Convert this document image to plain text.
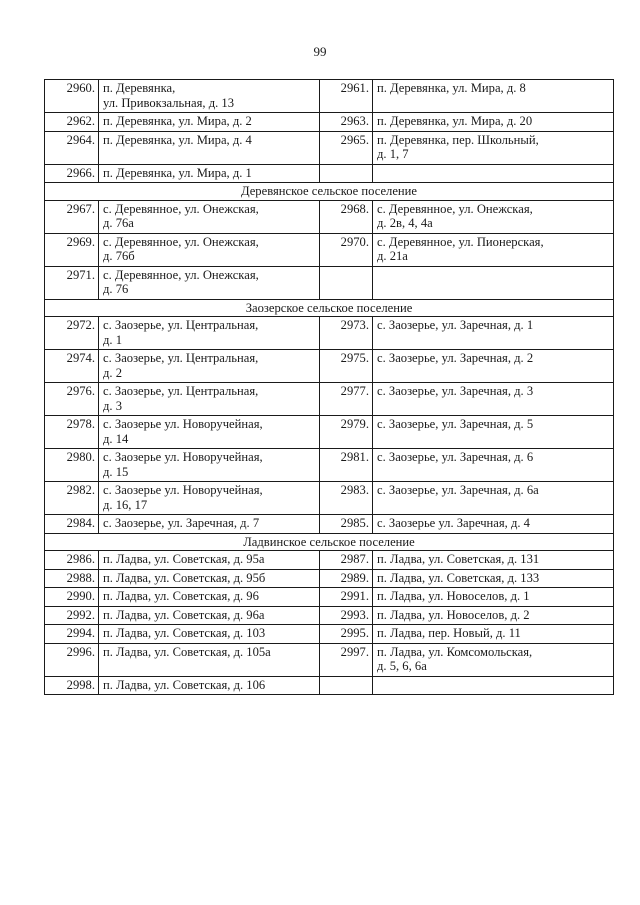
99
2960.	п. Деревянка,
ул. Привокзальная, д. 13	2961.	п. Деревянка, ул. Мира, д. 8
2962.	п. Деревянка, ул. Мира, д. 2	2963.	п. Деревянка, ул. Мира, д. 20
2964.	п. Деревянка, ул. Мира, д. 4	2965.	п. Деревянка, пер. Школьный,
д. 1, 7
2966.	п. Деревянка, ул. Мира, д. 1		
Деревянское сельское поселение			
2967.	с. Деревянное, ул. Онежская,
д. 76а	2968.	с. Деревянное, ул. Онежская,
д. 2в, 4, 4а
2969.	с. Деревянное, ул. Онежская,
д. 76б	2970.	с. Деревянное, ул. Пионерская,
д. 21а
2971.	с. Деревянное, ул. Онежская,
д. 76		
Заозерское сельское поселение			
2972.	с. Заозерье, ул. Центральная,
д. 1	2973.	с. Заозерье, ул. Заречная, д. 1
2974.	с. Заозерье, ул. Центральная,
д. 2	2975.	с. Заозерье, ул. Заречная, д. 2
2976.	с. Заозерье, ул. Центральная,
д. 3	2977.	с. Заозерье, ул. Заречная, д. 3
2978.	с. Заозерье ул. Новоручейная,
д. 14	2979.	с. Заозерье, ул. Заречная, д. 5
2980.	с. Заозерье ул. Новоручейная,
д. 15	2981.	с. Заозерье, ул. Заречная, д. 6
2982.	с. Заозерье ул. Новоручейная,
д. 16, 17	2983.	с. Заозерье, ул. Заречная, д. 6а
2984.	с. Заозерье, ул. Заречная, д. 7	2985.	с. Заозерье ул. Заречная, д. 4
Ладвинское сельское поселение			
2986.	п. Ладва, ул. Советская, д. 95а	2987.	п. Ладва, ул. Советская, д. 131
2988.	п. Ладва, ул. Советская, д. 95б	2989.	п. Ладва, ул. Советская, д. 133
2990.	п. Ладва, ул. Советская, д. 96	2991.	п. Ладва, ул. Новоселов, д. 1
2992.	п. Ладва, ул. Советская, д. 96а	2993.	п. Ладва, ул. Новоселов, д. 2
2994.	п. Ладва, ул. Советская, д. 103	2995.	п. Ладва, пер. Новый, д. 11
2996.	п. Ладва, ул. Советская, д. 105а	2997.	п. Ладва, ул. Комсомольская,
д. 5, 6, 6а
2998.	п. Ладва, ул. Советская, д. 106		
